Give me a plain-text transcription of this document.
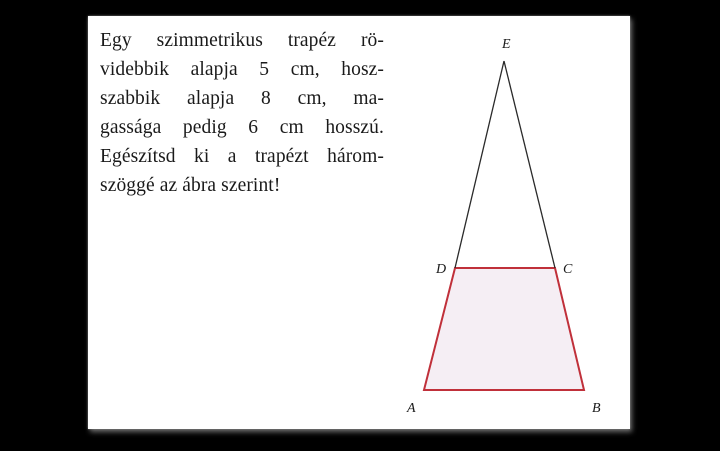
Egy szimmetrikus trapéz rö-
videbbik alapja 5 cm, hosz-
szabbik alapja 8 cm, ma-
gassága pedig 6 cm hosszú.
Egészítsd ki a trapézt három-
szöggé az ábra szerint!
E
D	C
A	B
